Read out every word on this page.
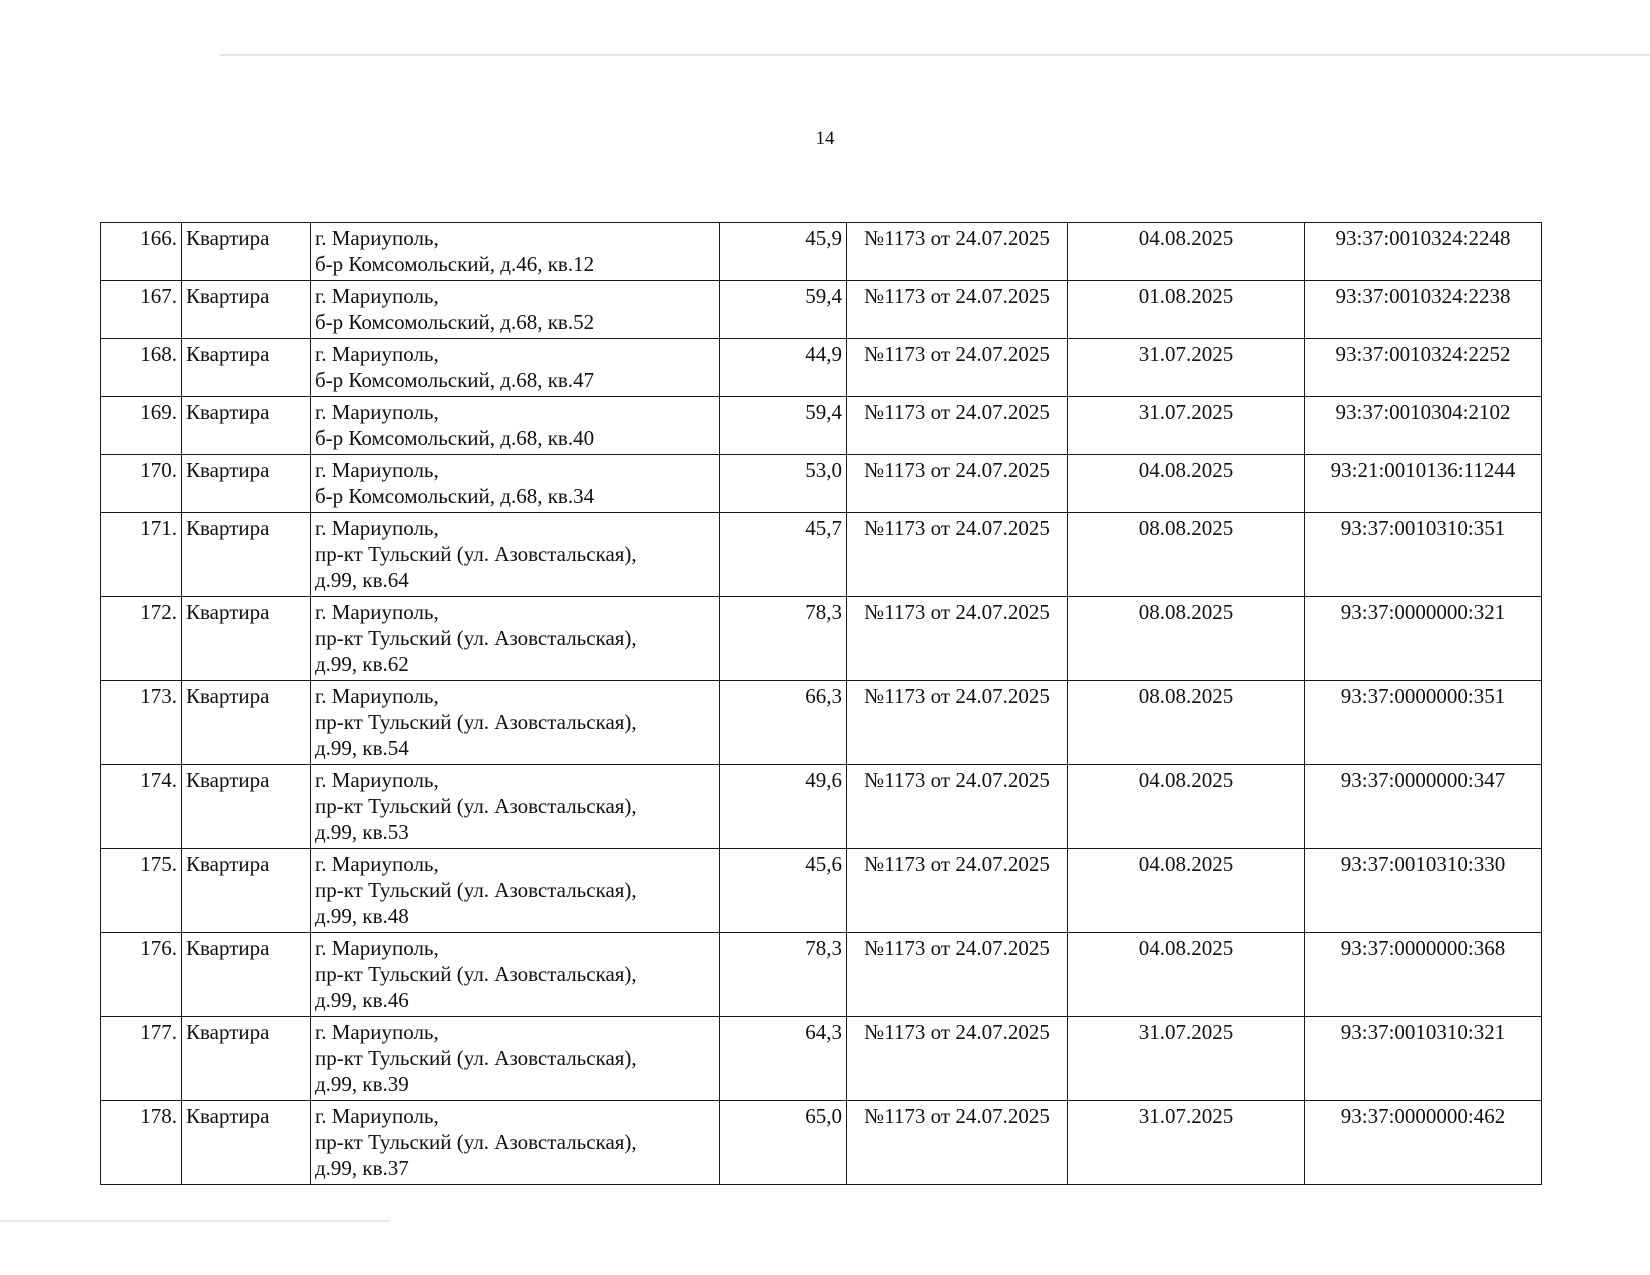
14
166.	Квартира	г. Мариуполь,
б-р Комсомольский, д.46, кв.12	45,9	№1173 от 24.07.2025	04.08.2025	93:37:0010324:2248
167.	Квартира	г. Мариуполь,
б-р Комсомольский, д.68, кв.52	59,4	№1173 от 24.07.2025	01.08.2025	93:37:0010324:2238
168.	Квартира	г. Мариуполь,
б-р Комсомольский, д.68, кв.47	44,9	№1173 от 24.07.2025	31.07.2025	93:37:0010324:2252
169.	Квартира	г. Мариуполь,
б-р Комсомольский, д.68, кв.40	59,4	№1173 от 24.07.2025	31.07.2025	93:37:0010304:2102
170.	Квартира	г. Мариуполь,
б-р Комсомольский, д.68, кв.34	53,0	№1173 от 24.07.2025	04.08.2025	93:21:0010136:11244
171.	Квартира	г. Мариуполь,
пр-кт Тульский (ул. Азовстальская),
д.99, кв.64	45,7	№1173 от 24.07.2025	08.08.2025	93:37:0010310:351
172.	Квартира	г. Мариуполь,
пр-кт Тульский (ул. Азовстальская),
д.99, кв.62	78,3	№1173 от 24.07.2025	08.08.2025	93:37:0000000:321
173.	Квартира	г. Мариуполь,
пр-кт Тульский (ул. Азовстальская),
д.99, кв.54	66,3	№1173 от 24.07.2025	08.08.2025	93:37:0000000:351
174.	Квартира	г. Мариуполь,
пр-кт Тульский (ул. Азовстальская),
д.99, кв.53	49,6	№1173 от 24.07.2025	04.08.2025	93:37:0000000:347
175.	Квартира	г. Мариуполь,
пр-кт Тульский (ул. Азовстальская),
д.99, кв.48	45,6	№1173 от 24.07.2025	04.08.2025	93:37:0010310:330
176.	Квартира	г. Мариуполь,
пр-кт Тульский (ул. Азовстальская),
д.99, кв.46	78,3	№1173 от 24.07.2025	04.08.2025	93:37:0000000:368
177.	Квартира	г. Мариуполь,
пр-кт Тульский (ул. Азовстальская),
д.99, кв.39	64,3	№1173 от 24.07.2025	31.07.2025	93:37:0010310:321
178.	Квартира	г. Мариуполь,
пр-кт Тульский (ул. Азовстальская),
д.99, кв.37	65,0	№1173 от 24.07.2025	31.07.2025	93:37:0000000:462
